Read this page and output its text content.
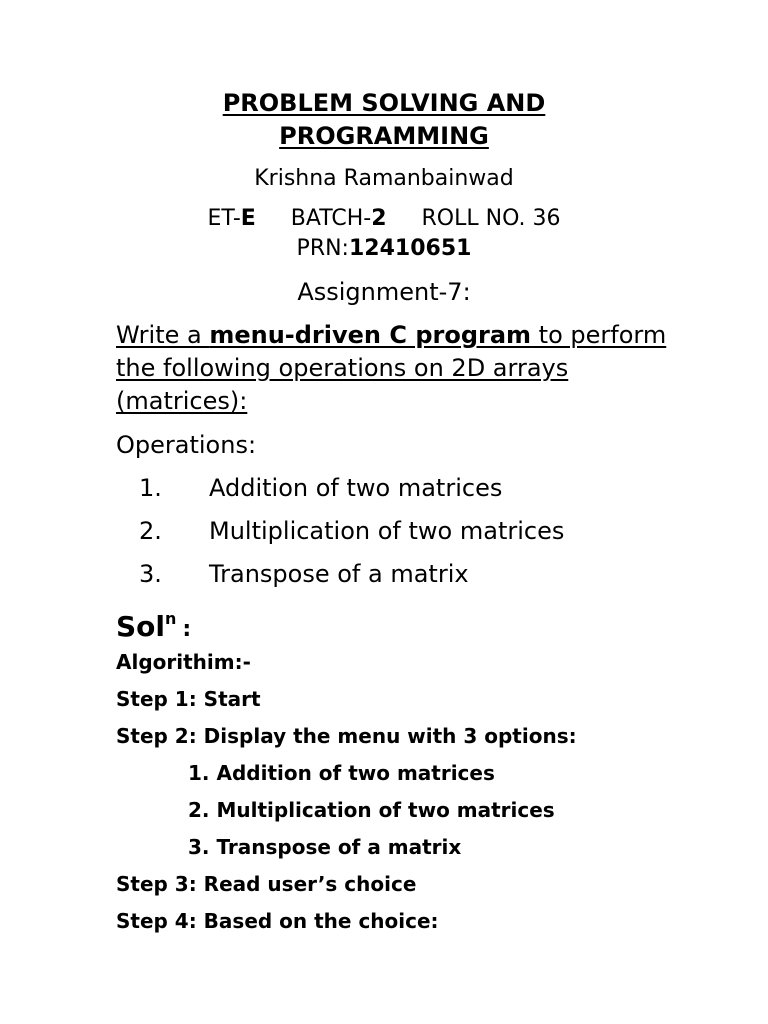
PROBLEM SOLVING AND
PROGRAMMING
Krishna Ramanbainwad
ET-E BATCH-2 ROLL NO. 36
PRN:12410651
Assignment-7:
Write a menu-driven C program to perform the following operations on 2D arrays (matrices):
Operations:
1. Addition of two matrices
2. Multiplication of two matrices
3. Transpose of a matrix
Sol$^n$ :
Algorithim:-
Step 1: Start
Step 2: Display the menu with 3 options:
1. Addition of two matrices
2. Multiplication of two matrices
3. Transpose of a matrix
Step 3: Read user’s choice
Step 4: Based on the choice:
